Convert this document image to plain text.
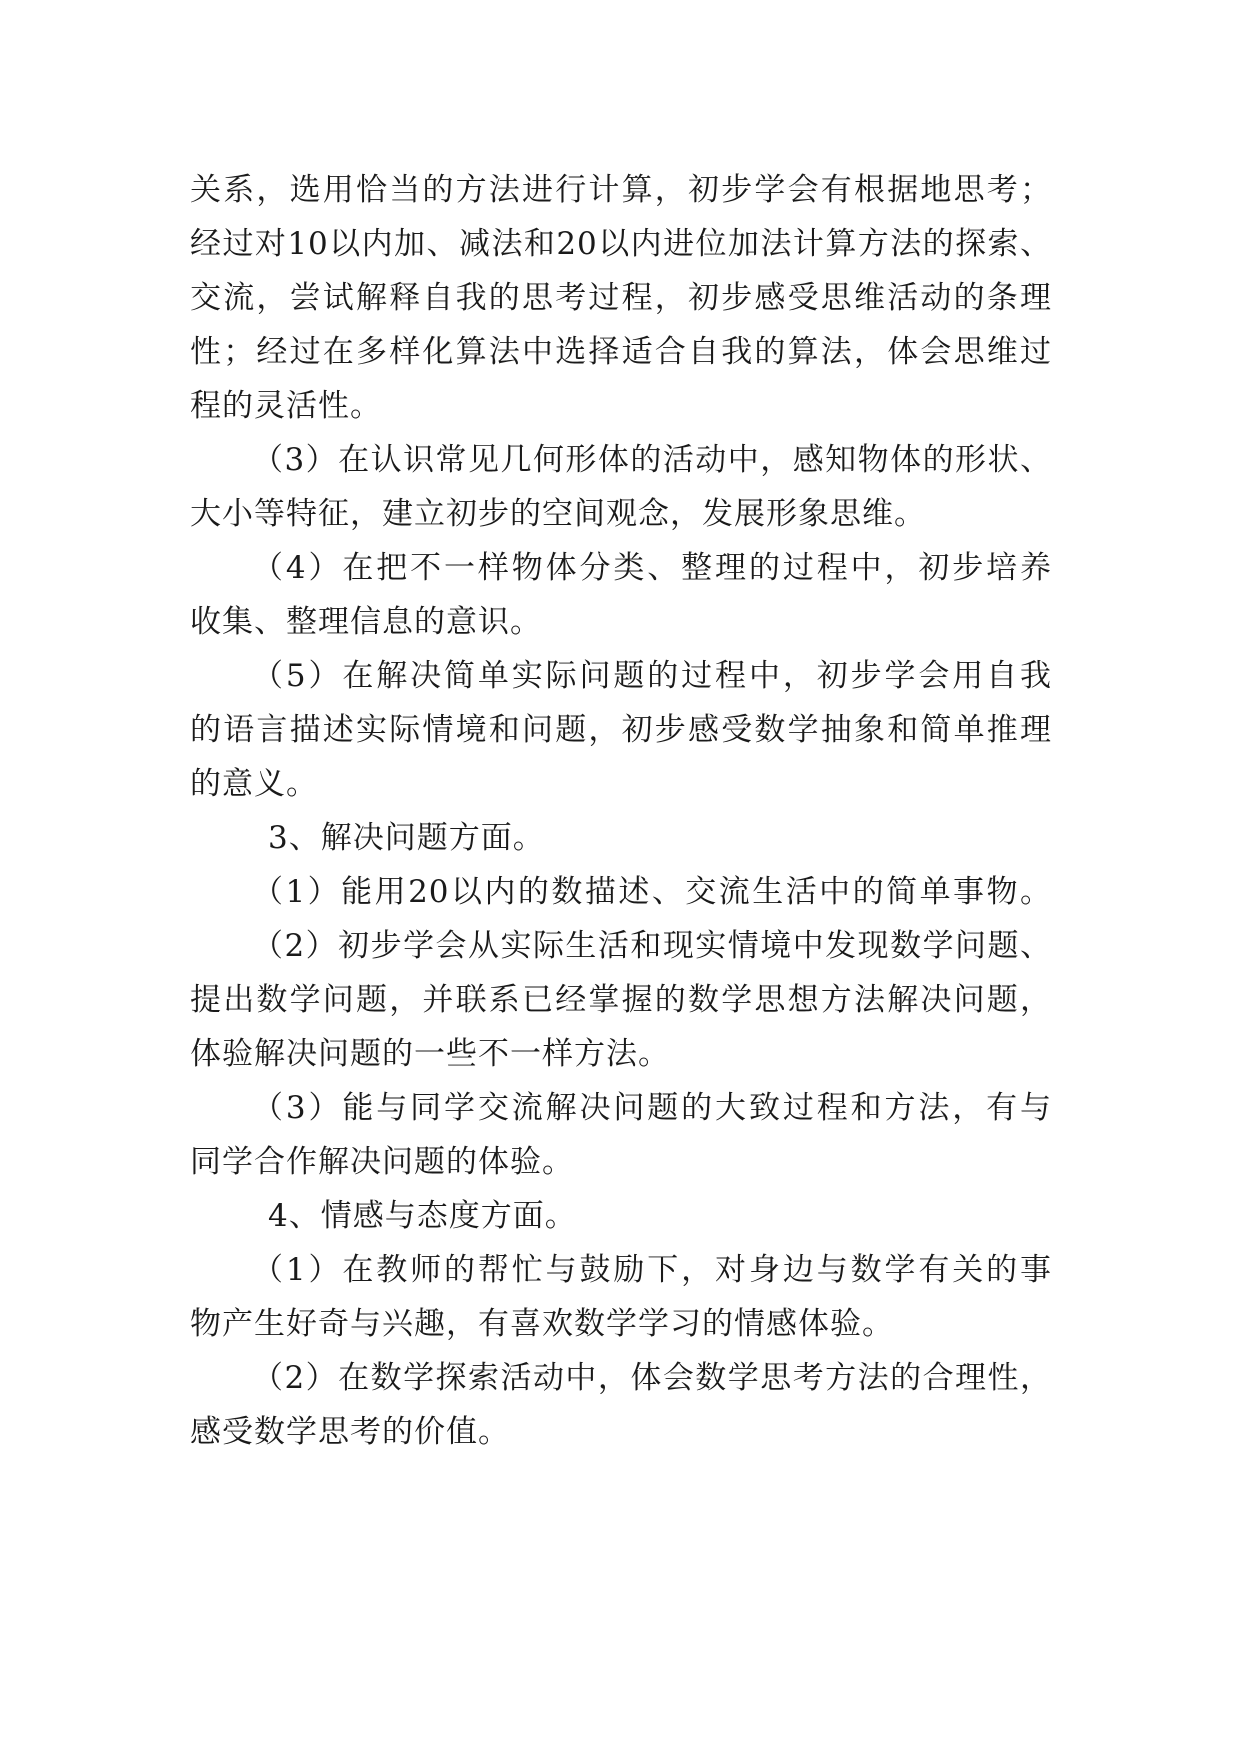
关系，选用恰当的方法进行计算，初步学会有根据地思考；
经过对10以内加、减法和20以内进位加法计算方法的探索、
交流，尝试解释自我的思考过程，初步感受思维活动的条理
性；经过在多样化算法中选择适合自我的算法，体会思维过
程的灵活性。
（3）在认识常见几何形体的活动中，感知物体的形状、
大小等特征，建立初步的空间观念，发展形象思维。
（4）在把不一样物体分类、整理的过程中，初步培养
收集、整理信息的意识。
（5）在解决简单实际问题的过程中，初步学会用自我
的语言描述实际情境和问题，初步感受数学抽象和简单推理
的意义。
3、解决问题方面。
（1）能用20以内的数描述、交流生活中的简单事物。
（2）初步学会从实际生活和现实情境中发现数学问题、
提出数学问题，并联系已经掌握的数学思想方法解决问题，
体验解决问题的一些不一样方法。
（3）能与同学交流解决问题的大致过程和方法，有与
同学合作解决问题的体验。
4、情感与态度方面。
（1）在教师的帮忙与鼓励下，对身边与数学有关的事
物产生好奇与兴趣，有喜欢数学学习的情感体验。
（2）在数学探索活动中，体会数学思考方法的合理性，
感受数学思考的价值。
